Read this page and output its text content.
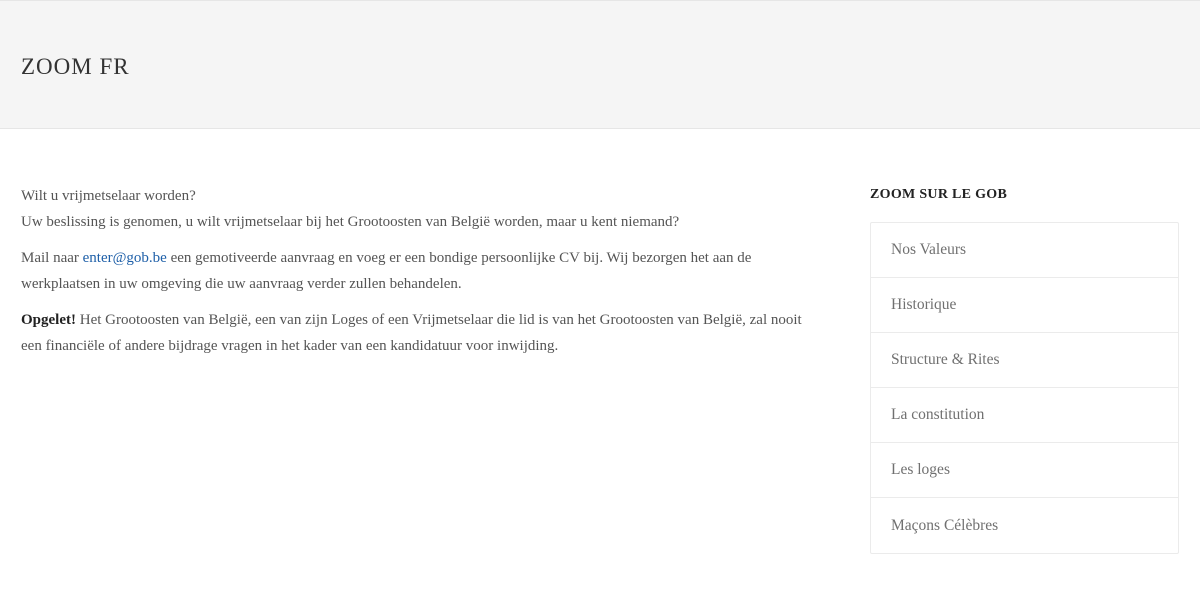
ZOOM FR

Wilt u vrijmetselaar worden?
Uw beslissing is genomen, u wilt vrijmetselaar bij het Grootoosten van België worden, maar u kent niemand?

Mail naar enter@gob.be een gemotiveerde aanvraag en voeg er een bondige persoonlijke CV bij. Wij bezorgen het aan de werkplaatsen in uw omgeving die uw aanvraag verder zullen behandelen.

Opgelet! Het Grootoosten van België, een van zijn Loges of een Vrijmetselaar die lid is van het Grootoosten van België, zal nooit een financiële of andere bijdrage vragen in het kader van een kandidatuur voor inwijding.

ZOOM SUR LE GOB
Nos Valeurs
Historique
Structure & Rites
La constitution
Les loges
Maçons Célèbres
